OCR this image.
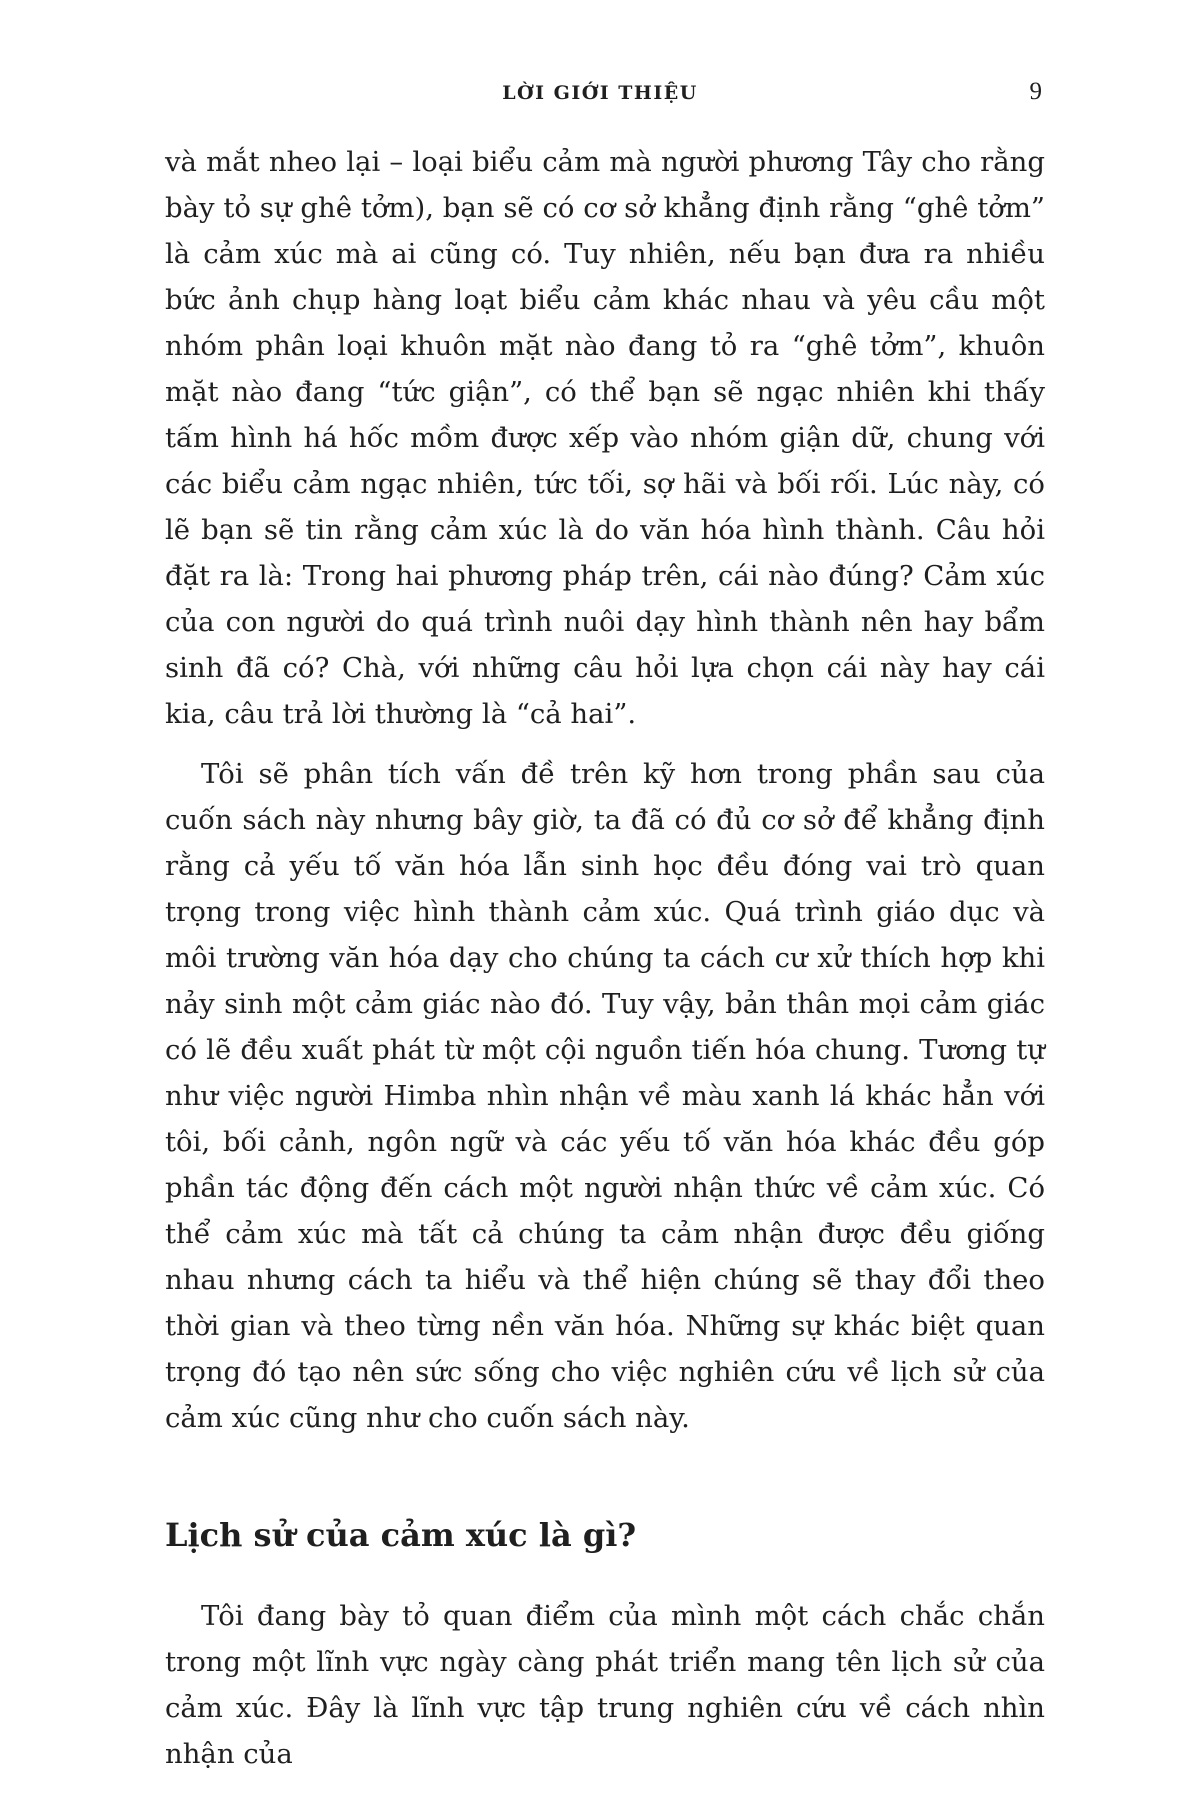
LỜI GIỚI THIỆU	9

và mắt nheo lại – loại biểu cảm mà người phương Tây cho rằng bày tỏ sự ghê tởm), bạn sẽ có cơ sở khẳng định rằng “ghê tởm” là cảm xúc mà ai cũng có. Tuy nhiên, nếu bạn đưa ra nhiều bức ảnh chụp hàng loạt biểu cảm khác nhau và yêu cầu một nhóm phân loại khuôn mặt nào đang tỏ ra “ghê tởm”, khuôn mặt nào đang “tức giận”, có thể bạn sẽ ngạc nhiên khi thấy tấm hình há hốc mồm được xếp vào nhóm giận dữ, chung với các biểu cảm ngạc nhiên, tức tối, sợ hãi và bối rối. Lúc này, có lẽ bạn sẽ tin rằng cảm xúc là do văn hóa hình thành. Câu hỏi đặt ra là: Trong hai phương pháp trên, cái nào đúng? Cảm xúc của con người do quá trình nuôi dạy hình thành nên hay bẩm sinh đã có? Chà, với những câu hỏi lựa chọn cái này hay cái kia, câu trả lời thường là “cả hai”.

Tôi sẽ phân tích vấn đề trên kỹ hơn trong phần sau của cuốn sách này nhưng bây giờ, ta đã có đủ cơ sở để khẳng định rằng cả yếu tố văn hóa lẫn sinh học đều đóng vai trò quan trọng trong việc hình thành cảm xúc. Quá trình giáo dục và môi trường văn hóa dạy cho chúng ta cách cư xử thích hợp khi nảy sinh một cảm giác nào đó. Tuy vậy, bản thân mọi cảm giác có lẽ đều xuất phát từ một cội nguồn tiến hóa chung. Tương tự như việc người Himba nhìn nhận về màu xanh lá khác hẳn với tôi, bối cảnh, ngôn ngữ và các yếu tố văn hóa khác đều góp phần tác động đến cách một người nhận thức về cảm xúc. Có thể cảm xúc mà tất cả chúng ta cảm nhận được đều giống nhau nhưng cách ta hiểu và thể hiện chúng sẽ thay đổi theo thời gian và theo từng nền văn hóa. Những sự khác biệt quan trọng đó tạo nên sức sống cho việc nghiên cứu về lịch sử của cảm xúc cũng như cho cuốn sách này.

Lịch sử của cảm xúc là gì?

Tôi đang bày tỏ quan điểm của mình một cách chắc chắn trong một lĩnh vực ngày càng phát triển mang tên lịch sử của cảm xúc. Đây là lĩnh vực tập trung nghiên cứu về cách nhìn nhận của
